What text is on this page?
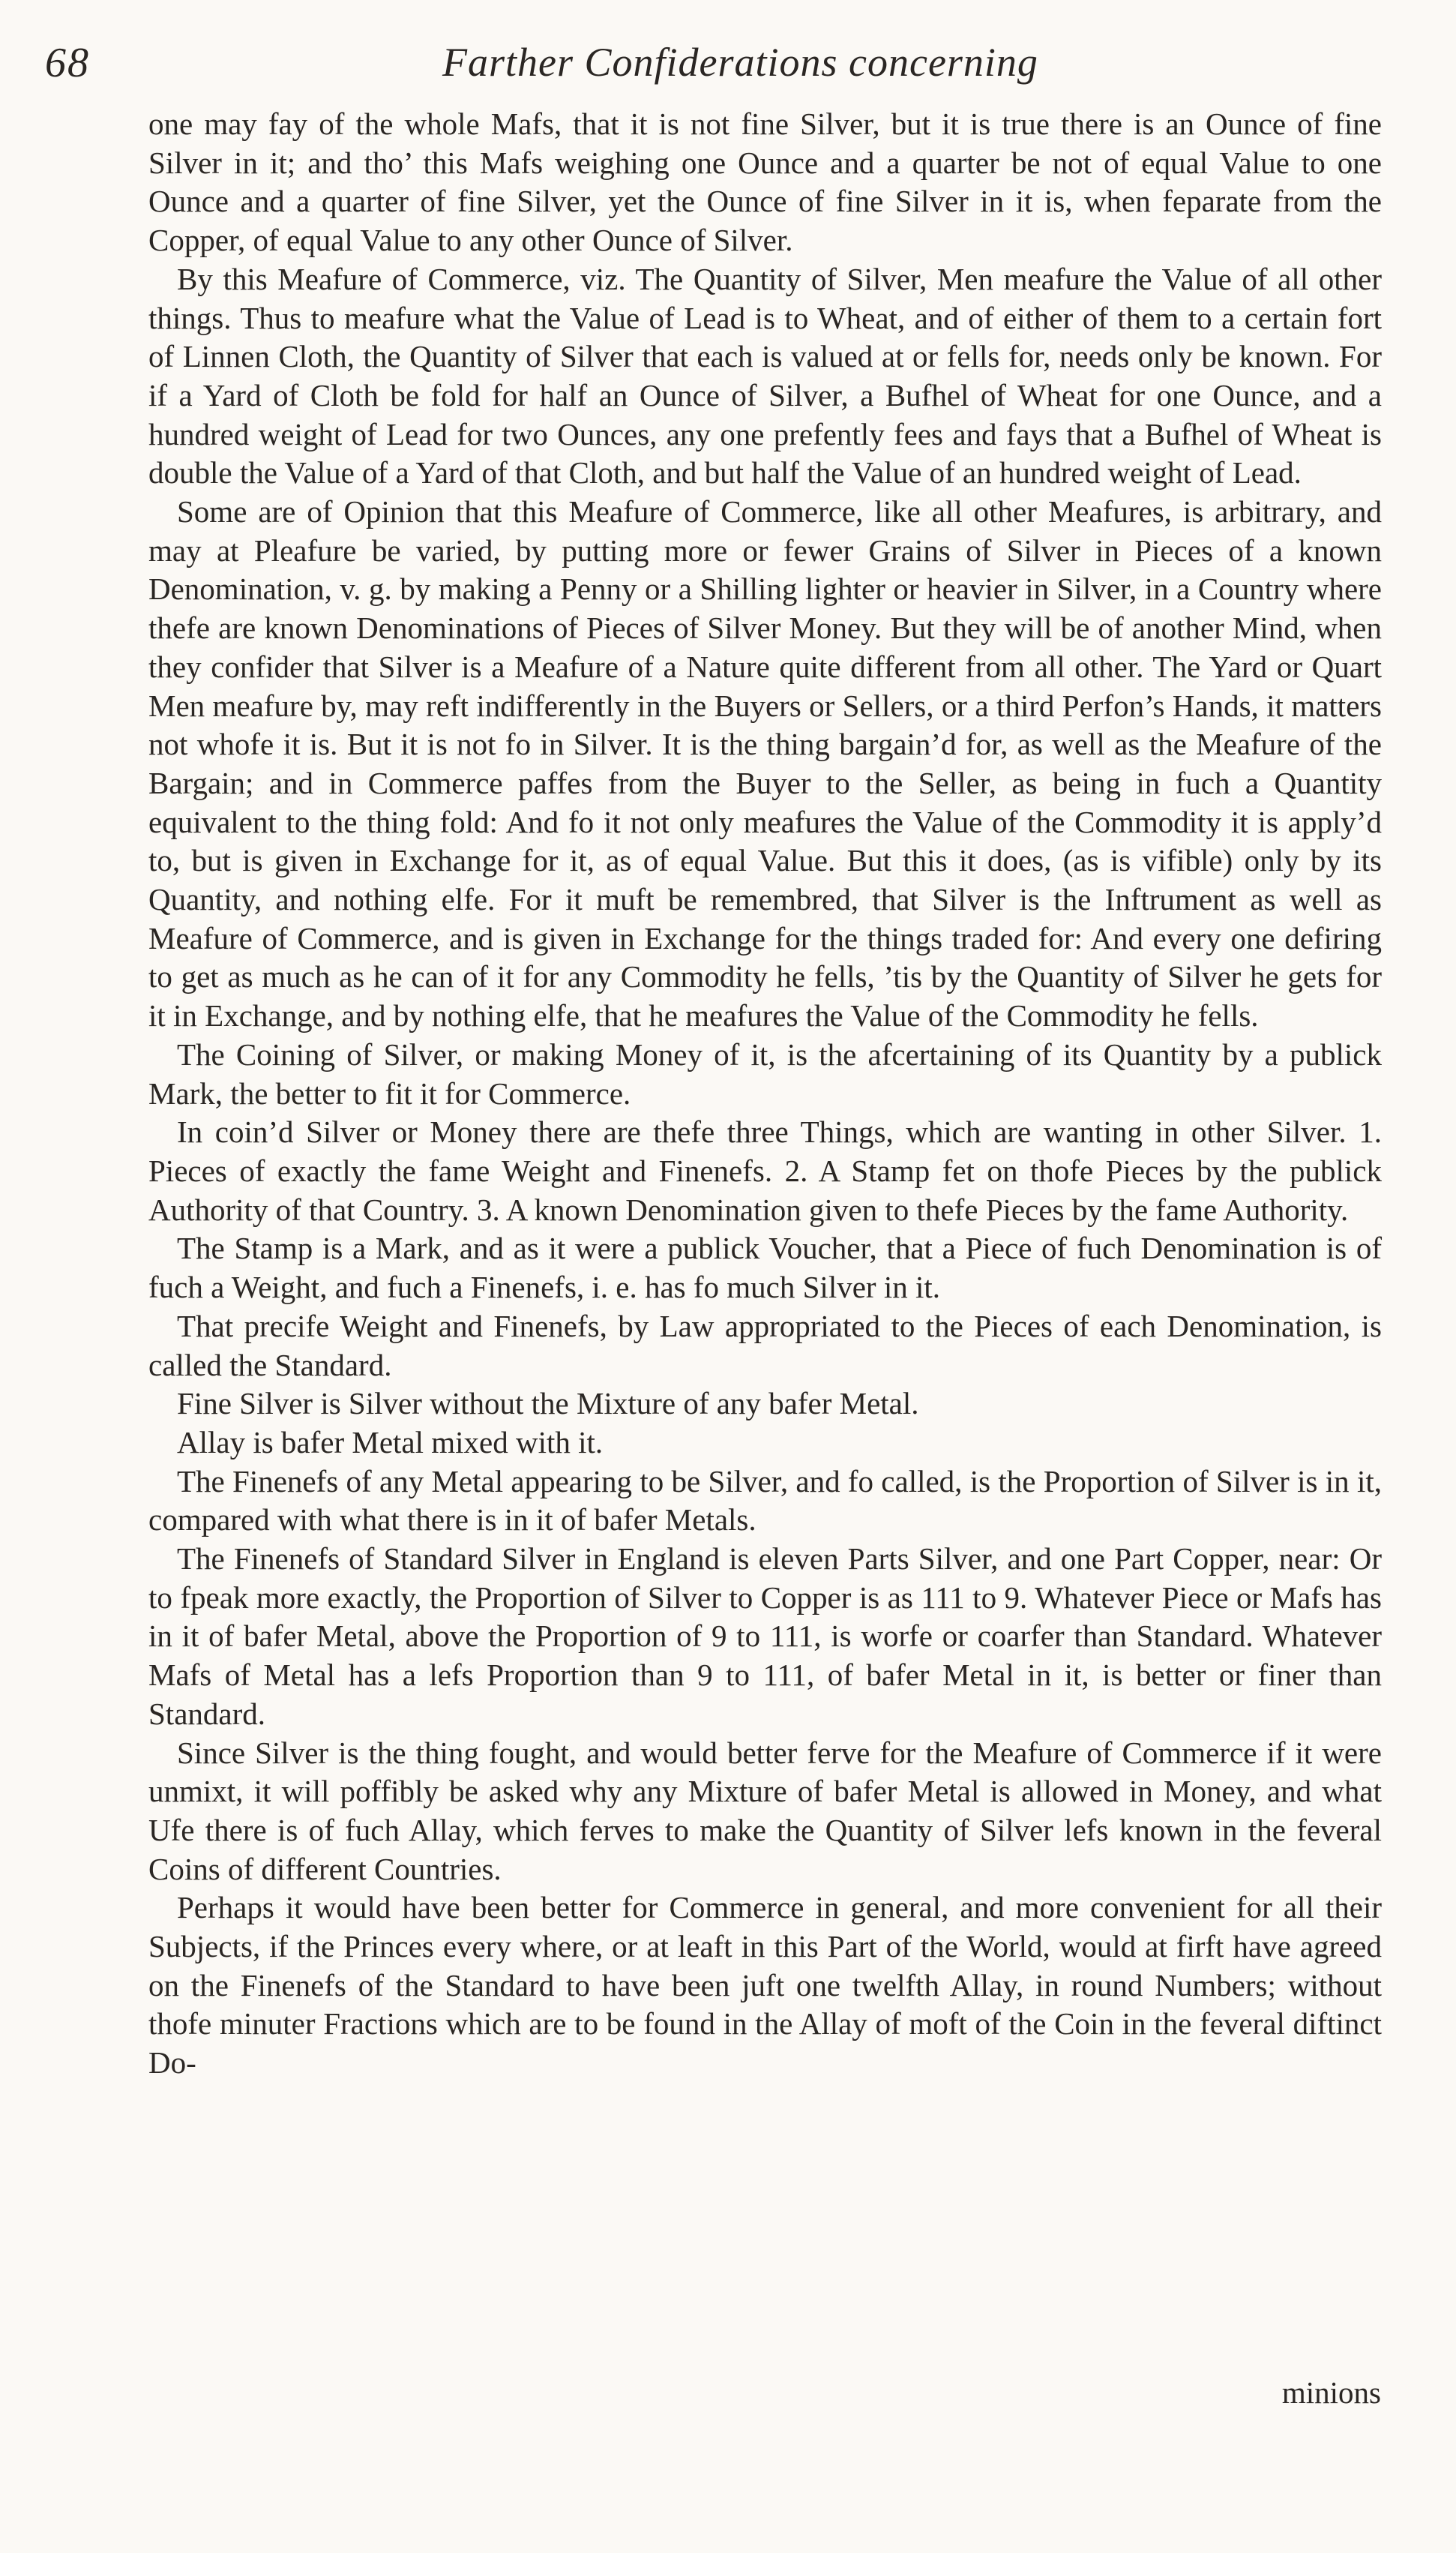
68	Farther Confiderations concerning

one may fay of the whole Mafs, that it is not fine Silver, but it is true there is an Ounce of fine Silver in it; and tho’ this Mafs weighing one Ounce and a quarter be not of equal Value to one Ounce and a quarter of fine Silver, yet the Ounce of fine Silver in it is, when feparate from the Copper, of equal Value to any other Ounce of Silver.

By this Meafure of Commerce, viz. The Quantity of Silver, Men meafure the Value of all other things. Thus to meafure what the Value of Lead is to Wheat, and of either of them to a certain fort of Linnen Cloth, the Quantity of Silver that each is valued at or fells for, needs only be known. For if a Yard of Cloth be fold for half an Ounce of Silver, a Bufhel of Wheat for one Ounce, and a hundred weight of Lead for two Ounces, any one prefently fees and fays that a Bufhel of Wheat is double the Value of a Yard of that Cloth, and but half the Value of an hundred weight of Lead.

Some are of Opinion that this Meafure of Commerce, like all other Meafures, is arbitrary, and may at Pleafure be varied, by putting more or fewer Grains of Silver in Pieces of a known Denomination, v. g. by making a Penny or a Shilling lighter or heavier in Silver, in a Country where thefe are known Denominations of Pieces of Silver Money. But they will be of another Mind, when they confider that Silver is a Meafure of a Nature quite different from all other. The Yard or Quart Men meafure by, may reft indifferently in the Buyers or Sellers, or a third Perfon’s Hands, it matters not whofe it is. But it is not fo in Silver. It is the thing bargain’d for, as well as the Meafure of the Bargain; and in Commerce paffes from the Buyer to the Seller, as being in fuch a Quantity equivalent to the thing fold: And fo it not only meafures the Value of the Commodity it is apply’d to, but is given in Exchange for it, as of equal Value. But this it does, (as is vifible) only by its Quantity, and nothing elfe. For it muft be remembred, that Silver is the Inftrument as well as Meafure of Commerce, and is given in Exchange for the things traded for: And every one defiring to get as much as he can of it for any Commodity he fells, ’tis by the Quantity of Silver he gets for it in Exchange, and by nothing elfe, that he meafures the Value of the Commodity he fells.

The Coining of Silver, or making Money of it, is the afcertaining of its Quantity by a publick Mark, the better to fit it for Commerce.

In coin’d Silver or Money there are thefe three Things, which are wanting in other Silver. 1. Pieces of exactly the fame Weight and Finenefs. 2. A Stamp fet on thofe Pieces by the publick Authority of that Country. 3. A known Denomination given to thefe Pieces by the fame Authority.

The Stamp is a Mark, and as it were a publick Voucher, that a Piece of fuch Denomination is of fuch a Weight, and fuch a Finenefs, i. e. has fo much Silver in it.

That precife Weight and Finenefs, by Law appropriated to the Pieces of each Denomination, is called the Standard.

Fine Silver is Silver without the Mixture of any bafer Metal.

Allay is bafer Metal mixed with it.

The Finenefs of any Metal appearing to be Silver, and fo called, is the Proportion of Silver is in it, compared with what there is in it of bafer Metals.

The Finenefs of Standard Silver in England is eleven Parts Silver, and one Part Copper, near: Or to fpeak more exactly, the Proportion of Silver to Copper is as 111 to 9. Whatever Piece or Mafs has in it of bafer Metal, above the Proportion of 9 to 111, is worfe or coarfer than Standard. Whatever Mafs of Metal has a lefs Proportion than 9 to 111, of bafer Metal in it, is better or finer than Standard.

Since Silver is the thing fought, and would better ferve for the Meafure of Commerce if it were unmixt, it will poffibly be asked why any Mixture of bafer Metal is allowed in Money, and what Ufe there is of fuch Allay, which ferves to make the Quantity of Silver lefs known in the feveral Coins of different Countries.

Perhaps it would have been better for Commerce in general, and more convenient for all their Subjects, if the Princes every where, or at leaft in this Part of the World, would at firft have agreed on the Finenefs of the Standard to have been juft one twelfth Allay, in round Numbers; without thofe minuter Fractions which are to be found in the Allay of moft of the Coin in the feveral diftinct Do-

minions
